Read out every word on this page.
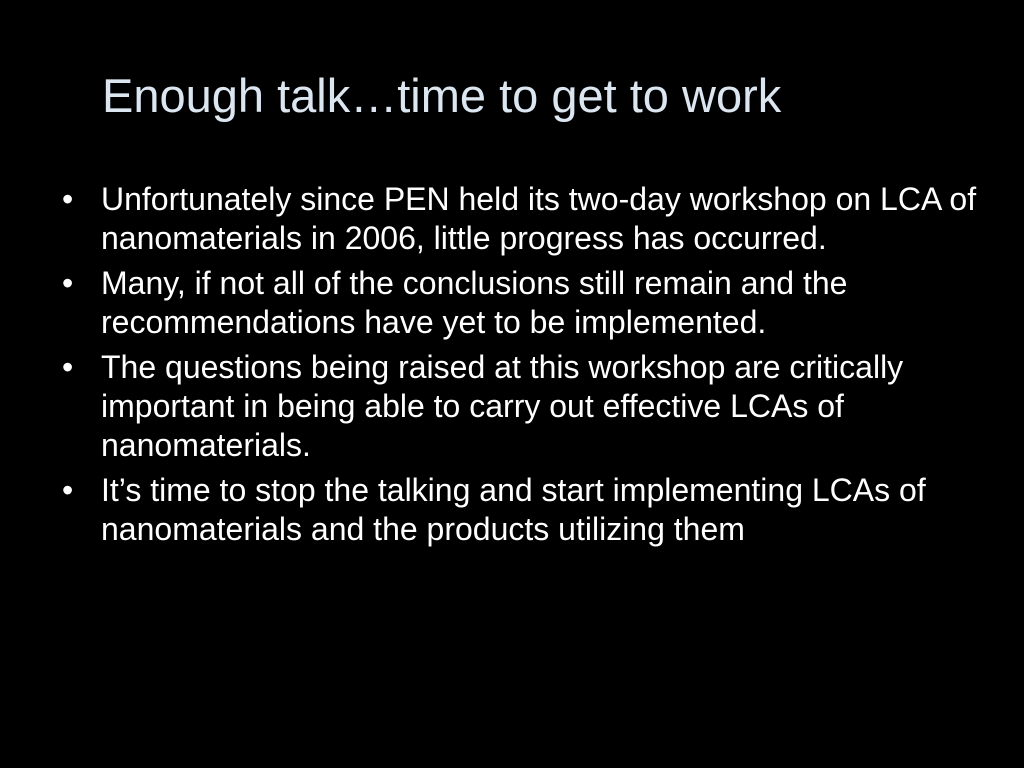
Enough talk…time to get to work
• Unfortunately since PEN held its two-day workshop on LCA of nanomaterials in 2006, little progress has occurred.
• Many, if not all of the conclusions still remain and the recommendations have yet to be implemented.
• The questions being raised at this workshop are critically important in being able to carry out effective LCAs of nanomaterials.
• It’s time to stop the talking and start implementing LCAs of nanomaterials and the products utilizing them
